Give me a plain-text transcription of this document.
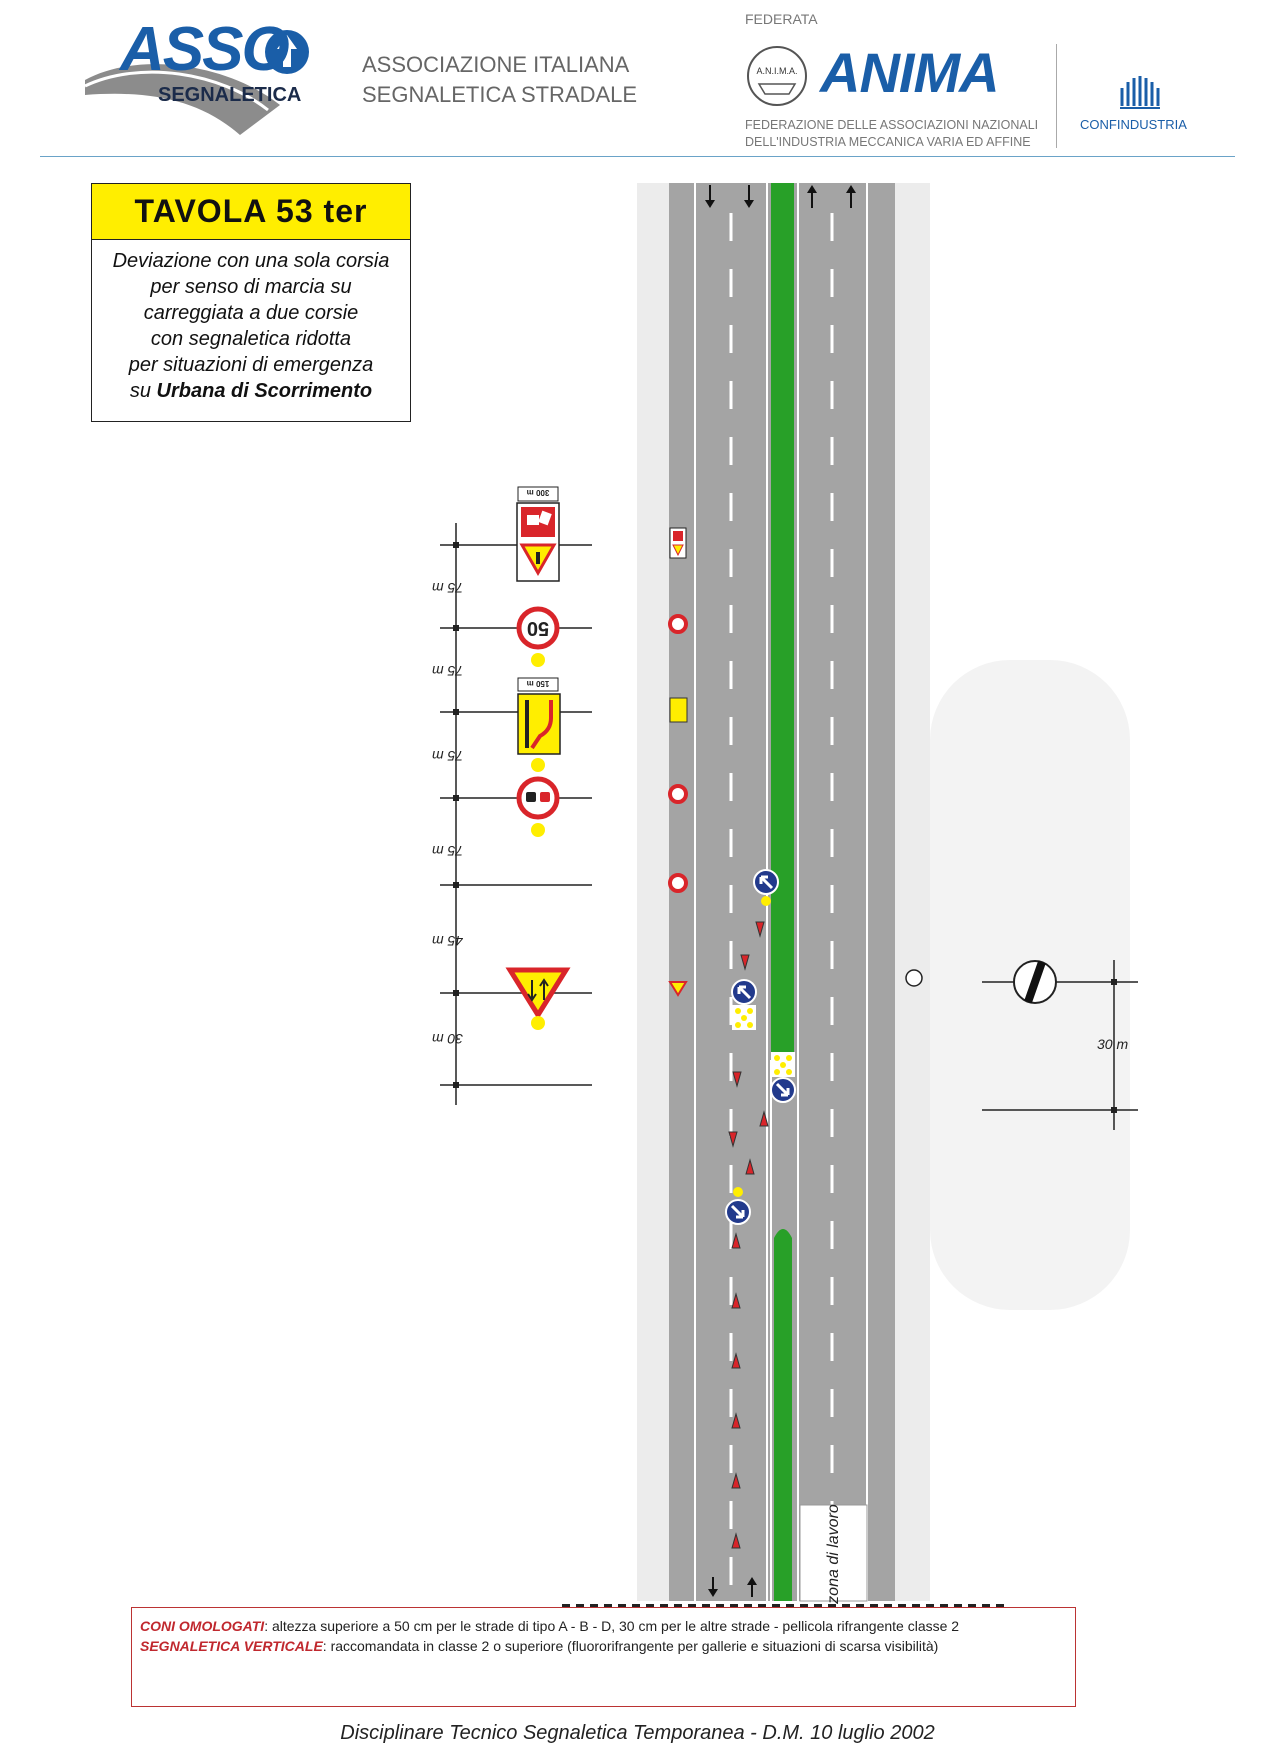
ASSO
SEGNALETICA
ASSOCIAZIONE ITALIANA
SEGNALETICA STRADALE
FEDERATA
A.N.I.M.A. ANIMA
FEDERAZIONE DELLE ASSOCIAZIONI NAZIONALI
DELL'INDUSTRIA MECCANICA VARIA ED AFFINE
CONFINDUSTRIA
TAVOLA 53 ter
Deviazione con una sola corsia
per senso di marcia su
carreggiata a due corsie
con segnaletica ridotta
per situazioni di emergenza
su Urbana di Scorrimento
300 m
50
150 m
75 m
75 m
75 m
75 m
45 m
30 m	30 m
zona di lavoro
CONI OMOLOGATI: altezza superiore a 50 cm per le strade di tipo A - B - D, 30 cm per le altre strade - pellicola rifrangente classe 2
SEGNALETICA VERTICALE: raccomandata in classe 2 o superiore (fluororifrangente per gallerie e situazioni di scarsa visibilità)
Disciplinare Tecnico Segnaletica Temporanea - D.M. 10 luglio 2002
